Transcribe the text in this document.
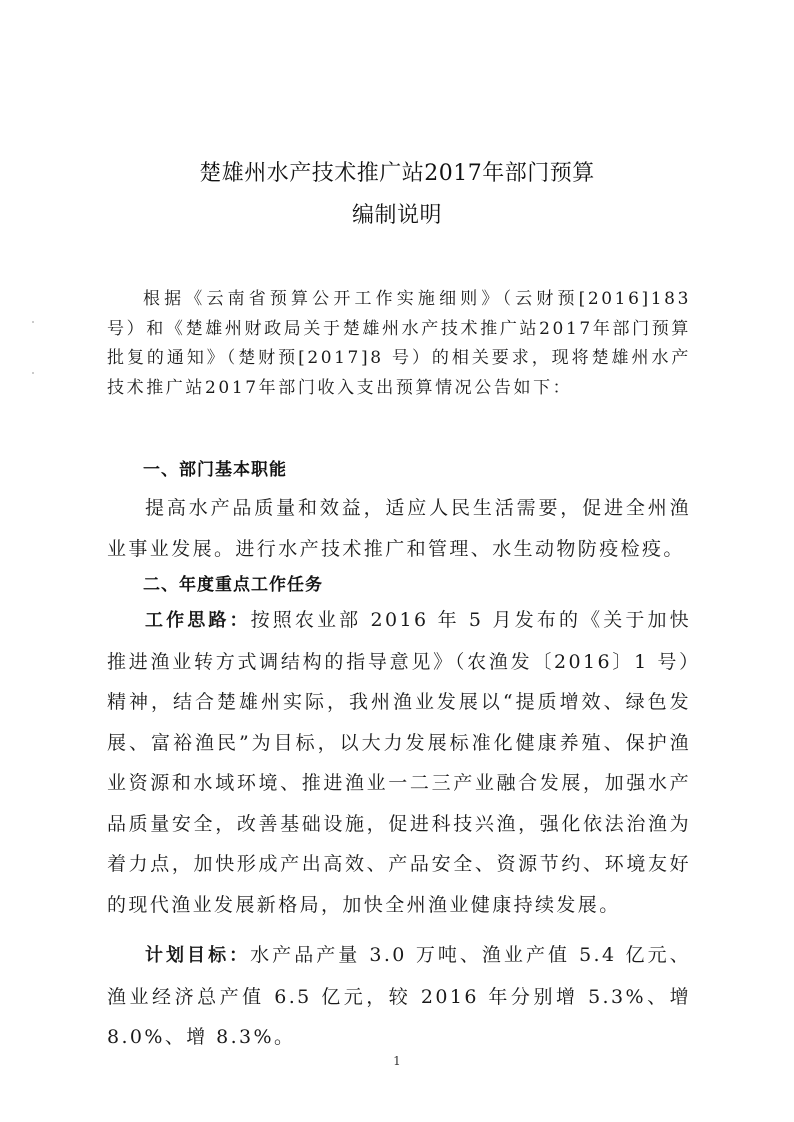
楚雄州水产技术推广站2017年部门预算
编制说明
根据《云南省预算公开工作实施细则》（云财预[2016]183 号）和《楚雄州财政局关于楚雄州水产技术推广站2017年部门预算批复的通知》（楚财预[2017]8 号）的相关要求，现将楚雄州水产技术推广站2017年部门收入支出预算情况公告如下：
一、部门基本职能
提高水产品质量和效益，适应人民生活需要，促进全州渔业事业发展。进行水产技术推广和管理、水生动物防疫检疫。
二、年度重点工作任务
工作思路：按照农业部 2016 年 5 月发布的《关于加快推进渔业转方式调结构的指导意见》（农渔发〔2016〕1 号）精神，结合楚雄州实际，我州渔业发展以“提质增效、绿色发展、富裕渔民”为目标，以大力发展标准化健康养殖、保护渔业资源和水域环境、推进渔业一二三产业融合发展，加强水产品质量安全，改善基础设施，促进科技兴渔，强化依法治渔为着力点，加快形成产出高效、产品安全、资源节约、环境友好的现代渔业发展新格局，加快全州渔业健康持续发展。
计划目标：水产品产量 3.0 万吨、渔业产值 5.4 亿元、渔业经济总产值 6.5 亿元，较 2016 年分别增 5.3%、增 8.0%、增 8.3%。
1
